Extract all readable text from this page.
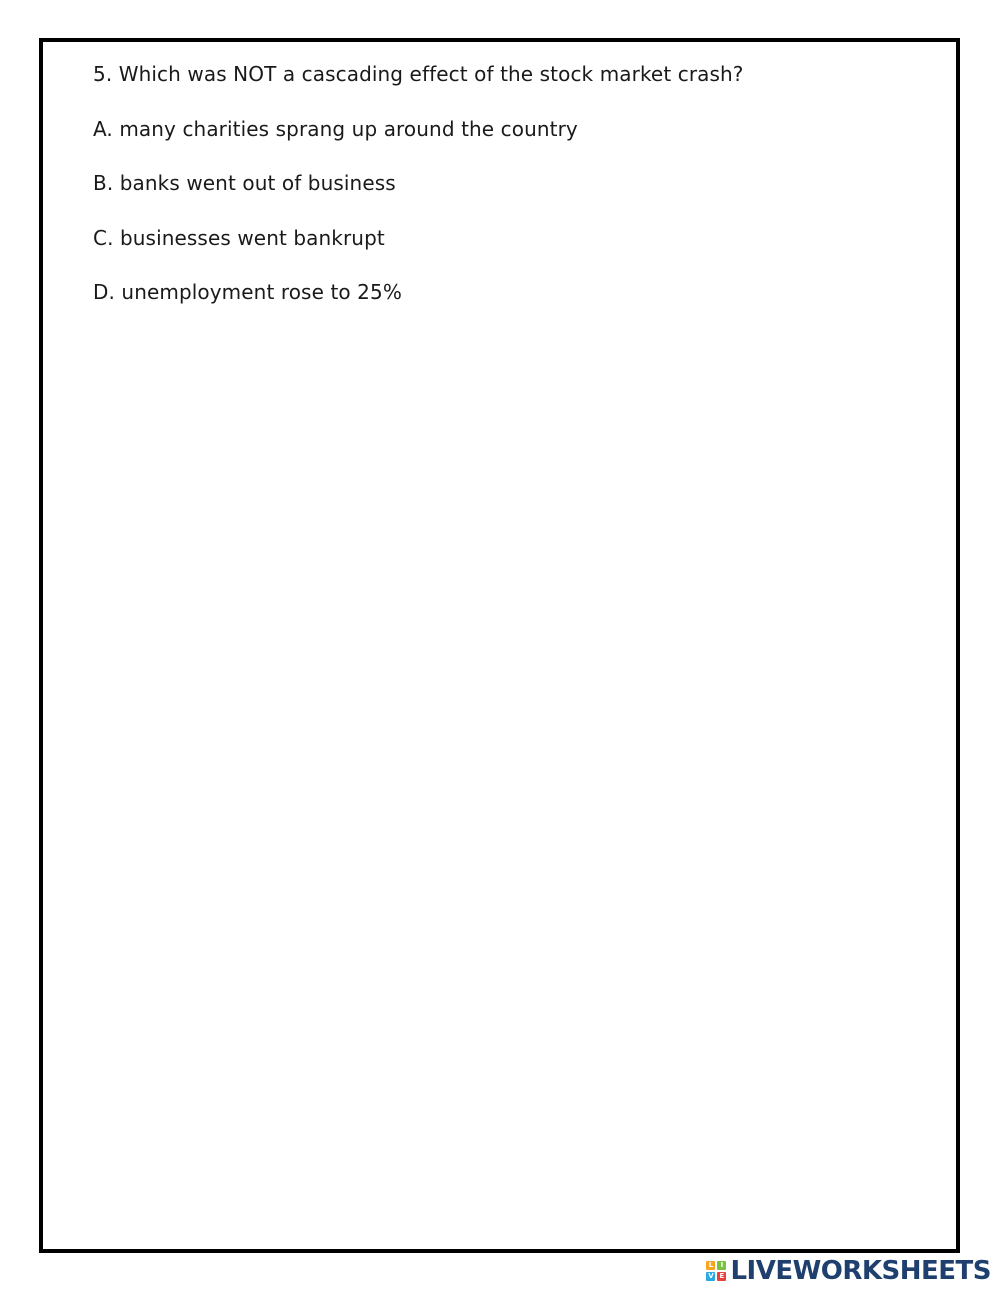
5. Which was NOT a cascading effect of the stock market crash?

A. many charities sprang up around the country
B. banks went out of business
C. businesses went bankrupt
D. unemployment rose to 25%
L	I
V E LIVEWORKSHEETS
